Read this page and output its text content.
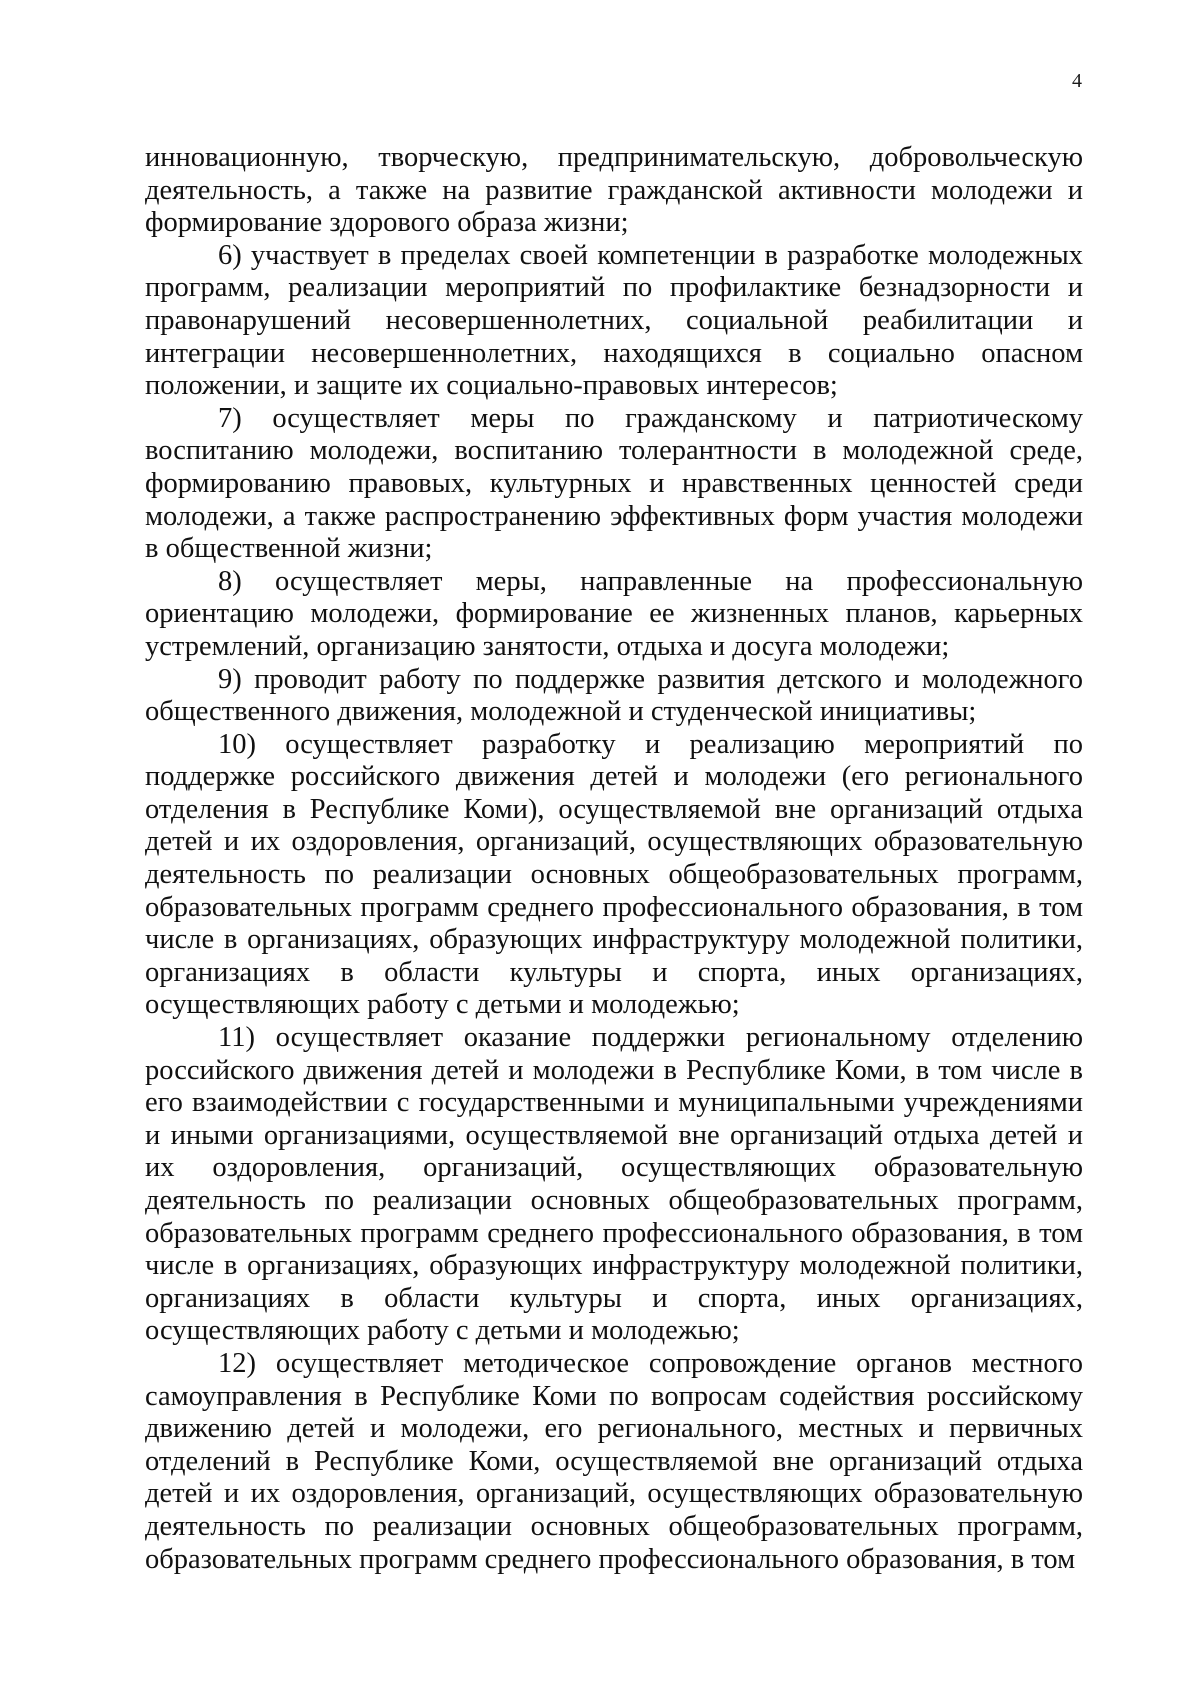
4

инновационную, творческую, предпринимательскую, добровольческую деятельность, а также на развитие гражданской активности молодежи и формирование здорового образа жизни;

6) участвует в пределах своей компетенции в разработке молодежных программ, реализации мероприятий по профилактике безнадзорности и правонарушений несовершеннолетних, социальной реабилитации и интеграции несовершеннолетних, находящихся в социально опасном положении, и защите их социально-правовых интересов;

7) осуществляет меры по гражданскому и патриотическому воспитанию молодежи, воспитанию толерантности в молодежной среде, формированию правовых, культурных и нравственных ценностей среди молодежи, а также распространению эффективных форм участия молодежи в общественной жизни;

8) осуществляет меры, направленные на профессиональную ориентацию молодежи, формирование ее жизненных планов, карьерных устремлений, организацию занятости, отдыха и досуга молодежи;

9) проводит работу по поддержке развития детского и молодежного общественного движения, молодежной и студенческой инициативы;

10) осуществляет разработку и реализацию мероприятий по поддержке российского движения детей и молодежи (его регионального отделения в Республике Коми), осуществляемой вне организаций отдыха детей и их оздоровления, организаций, осуществляющих образовательную деятельность по реализации основных общеобразовательных программ, образовательных программ среднего профессионального образования, в том числе в организациях, образующих инфраструктуру молодежной политики, организациях в области культуры и спорта, иных организациях, осуществляющих работу с детьми и молодежью;

11) осуществляет оказание поддержки региональному отделению российского движения детей и молодежи в Республике Коми, в том числе в его взаимодействии с государственными и муниципальными учреждениями и иными организациями, осуществляемой вне организаций отдыха детей и их оздоровления, организаций, осуществляющих образовательную деятельность по реализации основных общеобразовательных программ, образовательных программ среднего профессионального образования, в том числе в организациях, образующих инфраструктуру молодежной политики, организациях в области культуры и спорта, иных организациях, осуществляющих работу с детьми и молодежью;

12) осуществляет методическое сопровождение органов местного самоуправления в Республике Коми по вопросам содействия российскому движению детей и молодежи, его регионального, местных и первичных отделений в Республике Коми, осуществляемой вне организаций отдыха детей и их оздоровления, организаций, осуществляющих образовательную деятельность по реализации основных общеобразовательных программ, образовательных программ среднего профессионального образования, в том
